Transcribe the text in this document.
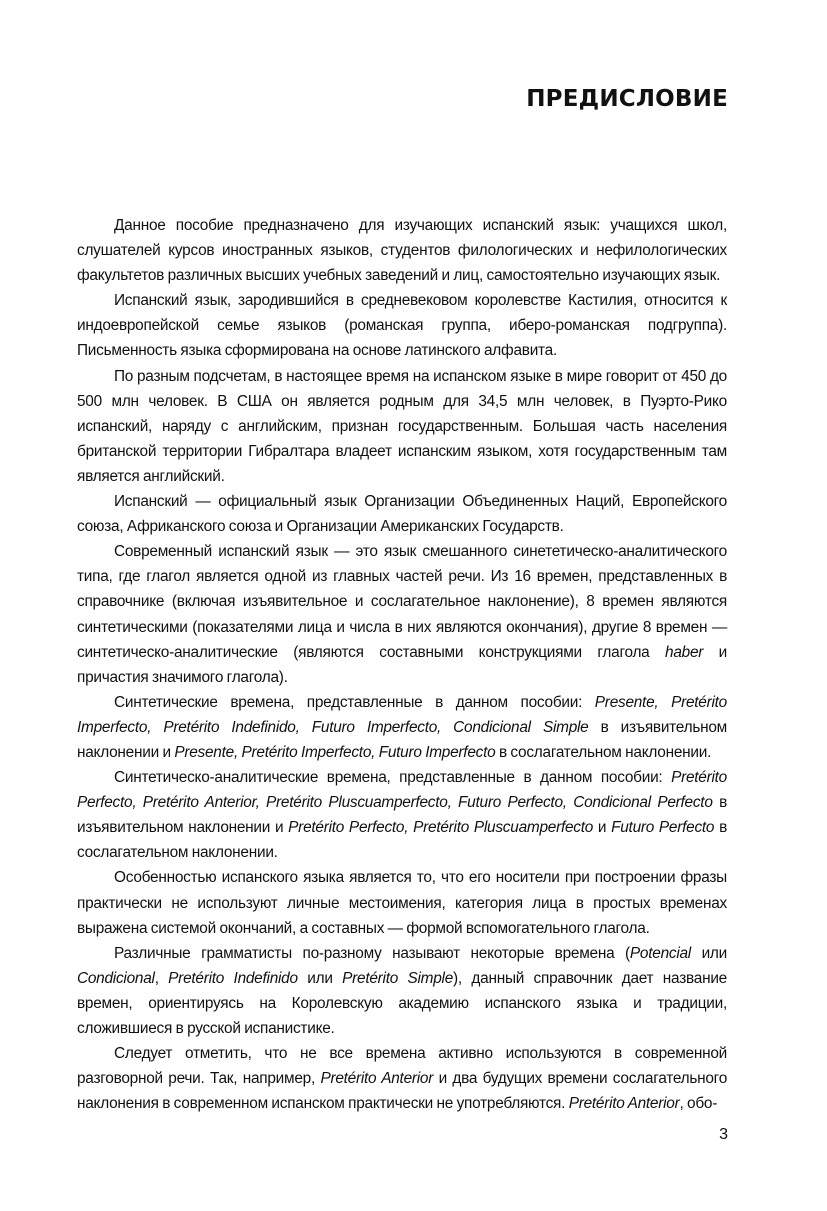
ПРЕДИСЛОВИЕ

Данное пособие предназначено для изучающих испанский язык: учащихся школ, слушателей курсов иностранных языков, студентов филологических и нефилологических факультетов различных высших учебных заведений и лиц, самостоятельно изучающих язык.

Испанский язык, зародившийся в средневековом королевстве Кастилия, относится к индоевропейской семье языков (романская группа, иберо-романская подгруппа). Письменность языка сформирована на основе латинского алфавита.

По разным подсчетам, в настоящее время на испанском языке в мире говорит от 450 до 500 млн человек. В США он является родным для 34,5 млн человек, в Пуэрто-Рико испанский, наряду с английским, признан государственным. Большая часть населения британской территории Гибралтара владеет испанским языком, хотя государственным там является английский.

Испанский — официальный язык Организации Объединенных Наций, Европейского союза, Африканского союза и Организации Американских Государств.

Современный испанский язык — это язык смешанного синететическо-аналитического типа, где глагол является одной из главных частей речи. Из 16 времен, представленных в справочнике (включая изъявительное и сослагательное наклонение), 8 времен являются синтетическими (показателями лица и числа в них являются окончания), другие 8 времен — синтетическо-аналитические (являются составными конструкциями глагола haber и причастия значимого глагола).

Синтетические времена, представленные в данном пособии: Presente, Pretérito Imperfecto, Pretérito Indefinido, Futuro Imperfecto, Condicional Simple в изъявительном наклонении и Presente, Pretérito Imperfecto, Futuro Imperfecto в сослагательном наклонении.

Синтетическо-аналитические времена, представленные в данном пособии: Pretérito Perfecto, Pretérito Anterior, Pretérito Pluscuamperfecto, Futuro Perfecto, Condicional Perfecto в изъявительном наклонении и Pretérito Perfecto, Pretérito Pluscuamperfecto и Futuro Perfecto в сослагательном наклонении.

Особенностью испанского языка является то, что его носители при построении фразы практически не используют личные местоимения, категория лица в простых временах выражена системой окончаний, а составных — формой вспомогательного глагола.

Различные грамматисты по-разному называют некоторые времена (Potencial или Condicional, Pretérito Indefinido или Pretérito Simple), данный справочник дает название времен, ориентируясь на Королевскую академию испанского языка и традиции, сложившиеся в русской испанистике.

Следует отметить, что не все времена активно используются в современной разговорной речи. Так, например, Pretérito Anterior и два будущих времени сослагательного наклонения в современном испанском практически не употребляются. Pretérito Anterior, обо-

3
